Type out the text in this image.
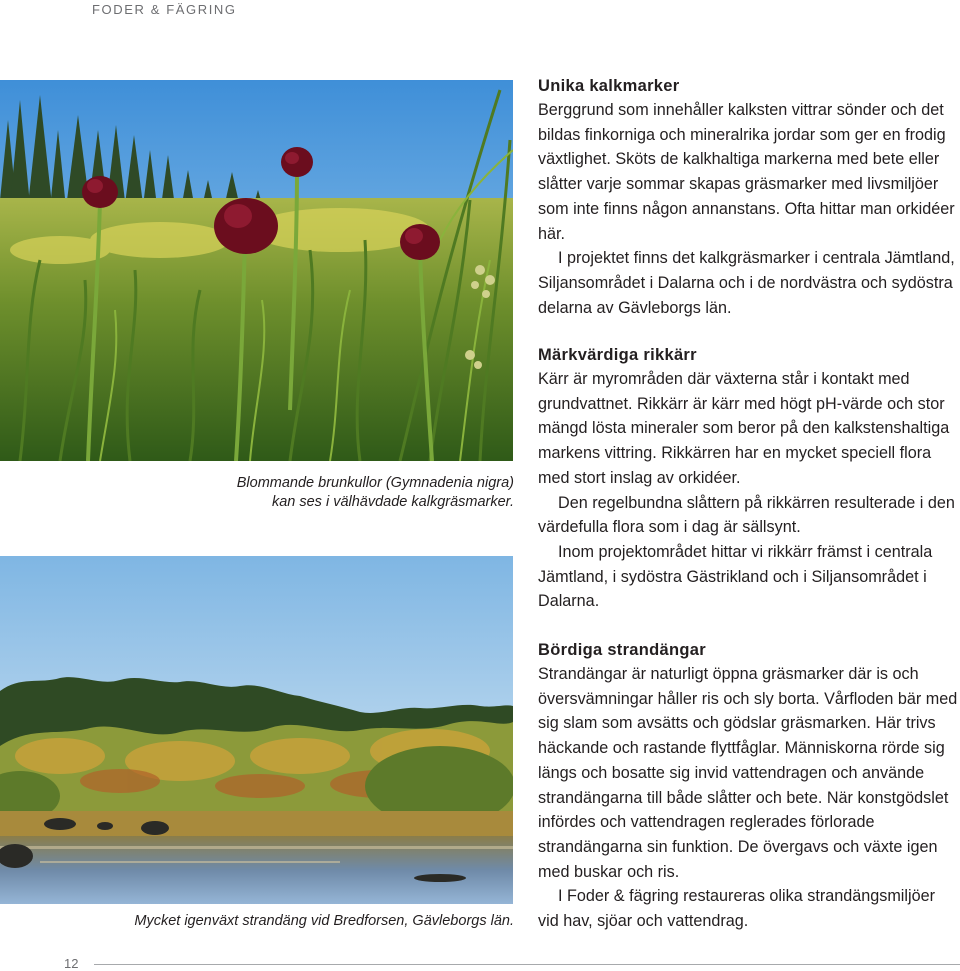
FODER & FÄGRING
Blommande brunkullor (Gymnadenia nigra) kan ses i välhävdade kalkgräsmarker.
Mycket igenväxt strandäng vid Bredforsen, Gävleborgs län.
Unika kalkmarker

Berggrund som innehåller kalksten vittrar sönder och det bildas finkorniga och mineralrika jordar som ger en frodig växtlighet. Sköts de kalkhaltiga markerna med bete eller slåtter varje sommar skapas gräsmarker med livsmiljöer som inte finns någon annanstans. Ofta hittar man orkidéer här.

I projektet finns det kalkgräsmarker i centrala Jämtland, Siljansområdet i Dalarna och i de nordvästra och sydöstra delarna av Gävleborgs län.

Märkvärdiga rikkärr

Kärr är myrområden där växterna står i kontakt med grundvattnet. Rikkärr är kärr med högt pH-värde och stor mängd lösta mineraler som beror på den kalkstenshaltiga markens vittring. Rikkärren har en mycket speciell flora med stort inslag av orkidéer.

Den regelbundna slåttern på rikkärren resulterade i den värdefulla flora som i dag är sällsynt.

Inom projektområdet hittar vi rikkärr främst i centrala Jämtland, i sydöstra Gästrikland och i Siljansområdet i Dalarna.

Bördiga strandängar

Strandängar är naturligt öppna gräsmarker där is och översvämningar håller ris och sly borta. Vårfloden bär med sig slam som avsätts och gödslar gräsmarken. Här trivs häckande och rastande flyttfåglar. Människorna rörde sig längs och bosatte sig invid vattendragen och använde strandängarna till både slåtter och bete. När konstgödslet infördes och vattendragen reglerades förlorade strandängarna sin funktion. De övergavs och växte igen med buskar och ris.

I Foder & fägring restaureras olika strandängsmiljöer vid hav, sjöar och vattendrag.

12
